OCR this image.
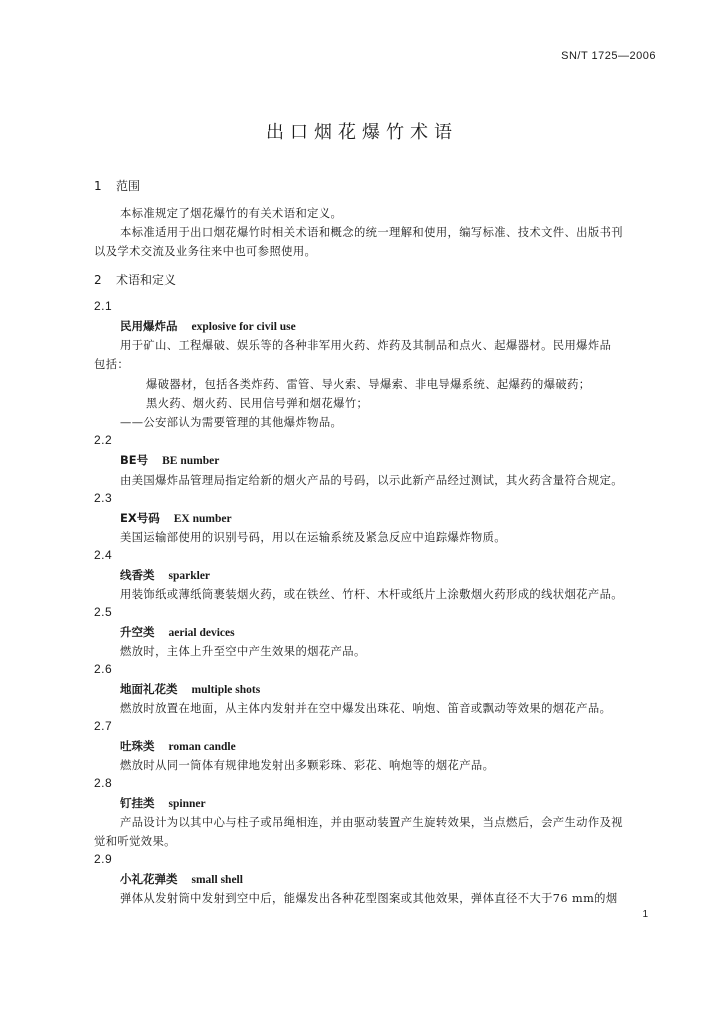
SN/T 1725—2006
出口烟花爆竹术语
1 范围
本标准规定了烟花爆竹的有关术语和定义。
本标准适用于出口烟花爆竹时相关术语和概念的统一理解和使用，编写标准、技术文件、出版书刊
以及学术交流及业务往来中也可参照使用。
2 术语和定义
2.1
民用爆炸品 explosive for civil use
用于矿山、工程爆破、娱乐等的各种非军用火药、炸药及其制品和点火、起爆器材。民用爆炸品
包括：
爆破器材，包括各类炸药、雷管、导火索、导爆索、非电导爆系统、起爆药的爆破药；
黑火药、烟火药、民用信号弹和烟花爆竹；
——公安部认为需要管理的其他爆炸物品。
2.2
BE号 BE number
由美国爆炸品管理局指定给新的烟火产品的号码，以示此新产品经过测试，其火药含量符合规定。
2.3
EX号码 EX number
美国运输部使用的识别号码，用以在运输系统及紧急反应中追踪爆炸物质。
2.4
线香类 sparkler
用装饰纸或薄纸筒裹装烟火药，或在铁丝、竹杆、木杆或纸片上涂敷烟火药形成的线状烟花产品。
2.5
升空类 aerial devices
燃放时，主体上升至空中产生效果的烟花产品。
2.6
地面礼花类 multiple shots
燃放时放置在地面，从主体内发射并在空中爆发出珠花、响炮、笛音或飘动等效果的烟花产品。
2.7
吐珠类 roman candle
燃放时从同一筒体有规律地发射出多颗彩珠、彩花、响炮等的烟花产品。
2.8
钉挂类 spinner
产品设计为以其中心与柱子或吊绳相连，并由驱动装置产生旋转效果，当点燃后，会产生动作及视
觉和听觉效果。
2.9
小礼花弹类 small shell
弹体从发射筒中发射到空中后，能爆发出各种花型图案或其他效果，弹体直径不大于76 mm的烟
1
